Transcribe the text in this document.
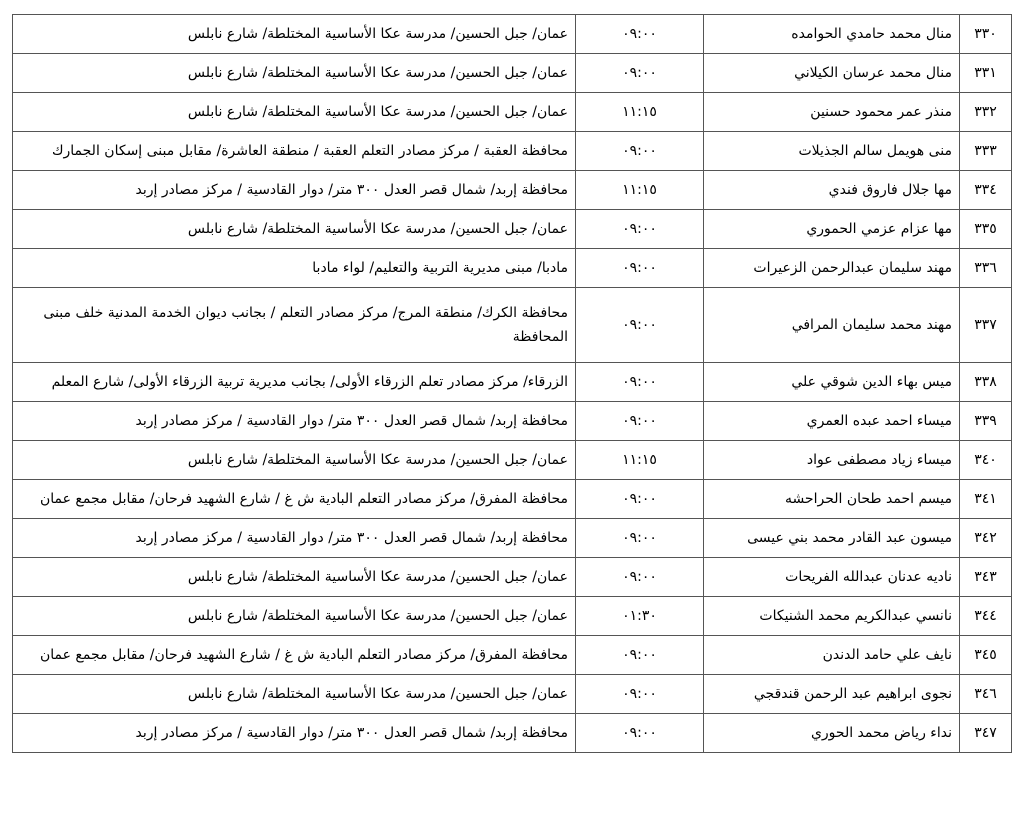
٣٣٠	منال محمد حامدي الحوامده	٠٩:٠٠	عمان/ جبل الحسين/ مدرسة عكا الأساسية المختلطة/ شارع نابلس
٣٣١	منال محمد عرسان الكيلاني	٠٩:٠٠	عمان/ جبل الحسين/ مدرسة عكا الأساسية المختلطة/ شارع نابلس
٣٣٢	منذر عمر محمود حسنين	١١:١٥	عمان/ جبل الحسين/ مدرسة عكا الأساسية المختلطة/ شارع نابلس
٣٣٣	منى هويمل سالم الجذيلات	٠٩:٠٠	محافظة العقبة / مركز مصادر التعلم العقبة / منطقة العاشرة/ مقابل مبنى إسكان الجمارك
٣٣٤	مها جلال فاروق فندي	١١:١٥	محافظة إربد/ شمال قصر العدل ٣٠٠ متر/ دوار القادسية / مركز مصادر إربد
٣٣٥	مها عزام عزمي الحموري	٠٩:٠٠	عمان/ جبل الحسين/ مدرسة عكا الأساسية المختلطة/ شارع نابلس
٣٣٦	مهند سليمان عبدالرحمن الزعيرات	٠٩:٠٠	مادبا/ مبنى مديرية التربية والتعليم/ لواء مادبا
٣٣٧	مهند محمد سليمان المرافي	٠٩:٠٠	محافظة الكرك/ منطقة المرج/ مركز مصادر التعلم / بجانب ديوان الخدمة المدنية خلف مبنى المحافظة
٣٣٨	ميس بهاء الدين شوقي علي	٠٩:٠٠	الزرقاء/ مركز مصادر تعلم الزرقاء الأولى/ بجانب مديرية تربية الزرقاء الأولى/ شارع المعلم
٣٣٩	ميساء احمد عبده العمري	٠٩:٠٠	محافظة إربد/ شمال قصر العدل ٣٠٠ متر/ دوار القادسية / مركز مصادر إربد
٣٤٠	ميساء زياد مصطفى عواد	١١:١٥	عمان/ جبل الحسين/ مدرسة عكا الأساسية المختلطة/ شارع نابلس
٣٤١	ميسم احمد طحان الحراحشه	٠٩:٠٠	محافظة المفرق/ مركز مصادر التعلم البادية ش غ / شارع الشهيد فرحان/ مقابل مجمع عمان
٣٤٢	ميسون عبد القادر محمد بني عيسى	٠٩:٠٠	محافظة إربد/ شمال قصر العدل ٣٠٠ متر/ دوار القادسية / مركز مصادر إربد
٣٤٣	ناديه عدنان عبدالله الفريحات	٠٩:٠٠	عمان/ جبل الحسين/ مدرسة عكا الأساسية المختلطة/ شارع نابلس
٣٤٤	نانسي عبدالكريم محمد الشنيكات	٠١:٣٠	عمان/ جبل الحسين/ مدرسة عكا الأساسية المختلطة/ شارع نابلس
٣٤٥	نايف علي حامد الدندن	٠٩:٠٠	محافظة المفرق/ مركز مصادر التعلم البادية ش غ / شارع الشهيد فرحان/ مقابل مجمع عمان
٣٤٦	نجوى ابراهيم عبد الرحمن قندقجي	٠٩:٠٠	عمان/ جبل الحسين/ مدرسة عكا الأساسية المختلطة/ شارع نابلس
٣٤٧	نداء رياض محمد الحوري	٠٩:٠٠	محافظة إربد/ شمال قصر العدل ٣٠٠ متر/ دوار القادسية / مركز مصادر إربد
